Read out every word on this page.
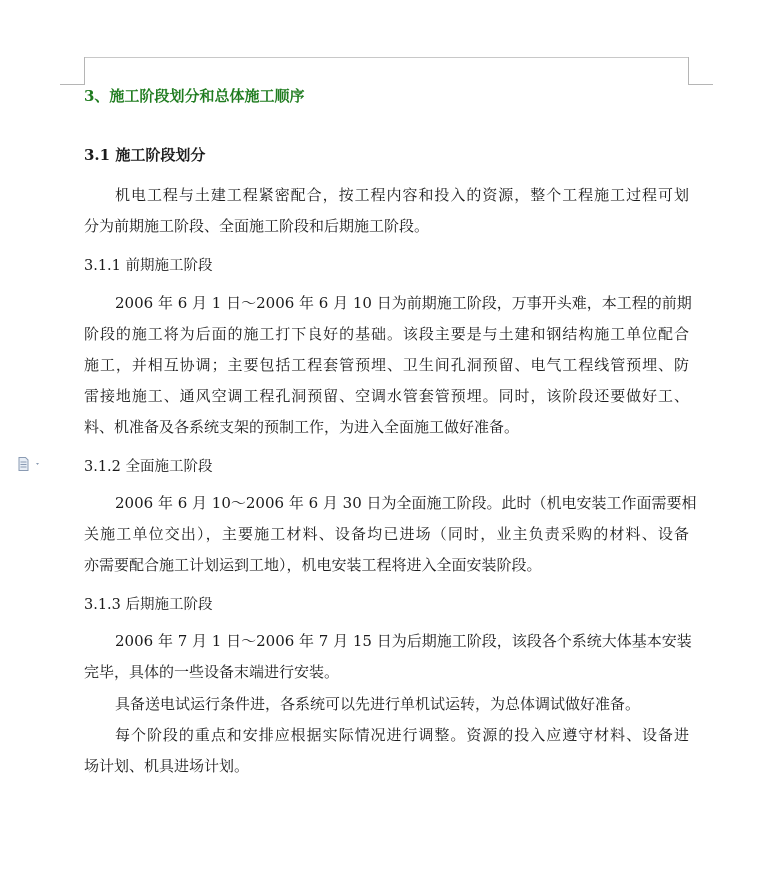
3、施工阶段划分和总体施工顺序
3.1 施工阶段划分
机电工程与土建工程紧密配合，按工程内容和投入的资源，整个工程施工过程可划
分为前期施工阶段、全面施工阶段和后期施工阶段。
3.1.1 前期施工阶段
2006 年 6 月 1 日～2006 年 6 月 10 日为前期施工阶段，万事开头难，本工程的前期
阶段的施工将为后面的施工打下良好的基础。该段主要是与土建和钢结构施工单位配合
施工，并相互协调；主要包括工程套管预埋、卫生间孔洞预留、电气工程线管预埋、防
雷接地施工、通风空调工程孔洞预留、空调水管套管预埋。同时，该阶段还要做好工、
料、机准备及各系统支架的预制工作，为进入全面施工做好准备。
3.1.2 全面施工阶段
2006 年 6 月 10～2006 年 6 月 30 日为全面施工阶段。此时（机电安装工作面需要相
关施工单位交出），主要施工材料、设备均已进场（同时，业主负责采购的材料、设备
亦需要配合施工计划运到工地），机电安装工程将进入全面安装阶段。
3.1.3 后期施工阶段
2006 年 7 月 1 日～2006 年 7 月 15 日为后期施工阶段，该段各个系统大体基本安装
完毕，具体的一些设备末端进行安装。
具备送电试运行条件进，各系统可以先进行单机试运转，为总体调试做好准备。
每个阶段的重点和安排应根据实际情况进行调整。资源的投入应遵守材料、设备进
场计划、机具进场计划。
